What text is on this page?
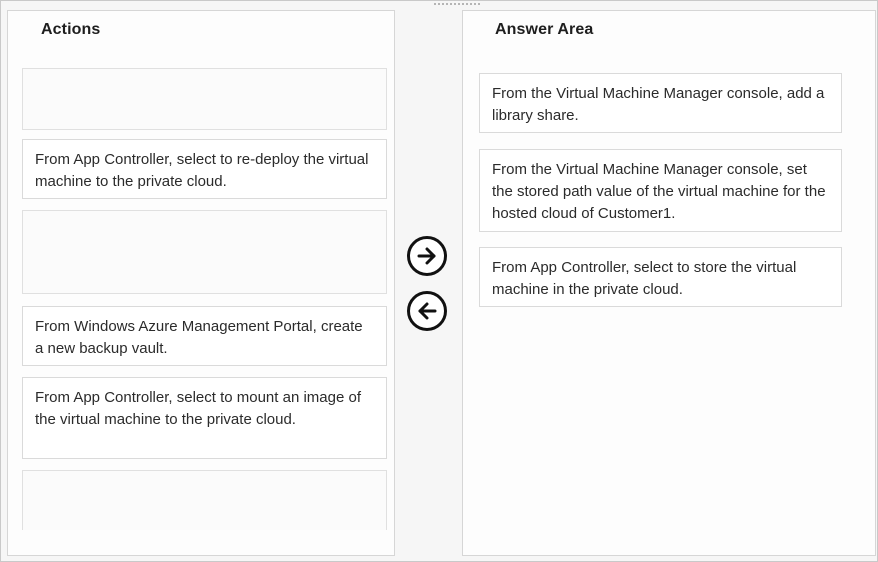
Actions
From App Controller, select to re-deploy the virtual machine to the private cloud.
From Windows Azure Management Portal, create a new backup vault.
From App Controller, select to mount an image of the virtual machine to the private cloud.
Answer Area
From the Virtual Machine Manager console, add a library share.
From the Virtual Machine Manager console, set the stored path value of the virtual machine for the hosted cloud of Customer1.
From App Controller, select to store the virtual machine in the private cloud.
